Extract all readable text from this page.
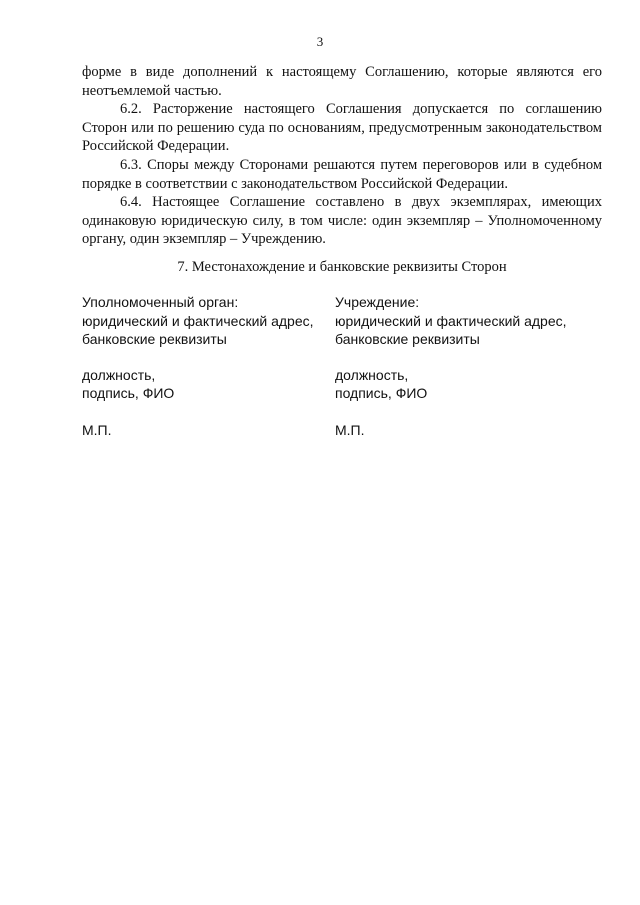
3

форме в виде дополнений к настоящему Соглашению, которые являются его неотъемлемой частью.

6.2. Расторжение настоящего Соглашения допускается по соглашению Сторон или по решению суда по основаниям, предусмотренным законодательством Российской Федерации.

6.3. Споры между Сторонами решаются путем переговоров или в судебном порядке в соответствии с законодательством Российской Федерации.

6.4. Настоящее Соглашение составлено в двух экземплярах, имеющих одинаковую юридическую силу, в том числе: один экземпляр – Уполномоченному органу, один экземпляр – Учреждению.

7. Местонахождение и банковские реквизиты Сторон
Уполномоченный орган:
юридический и фактический адрес,
банковские реквизиты
должность,
подпись, ФИО
М.П.
Учреждение:
юридический и фактический адрес,
банковские реквизиты
должность,
подпись, ФИО
М.П.
